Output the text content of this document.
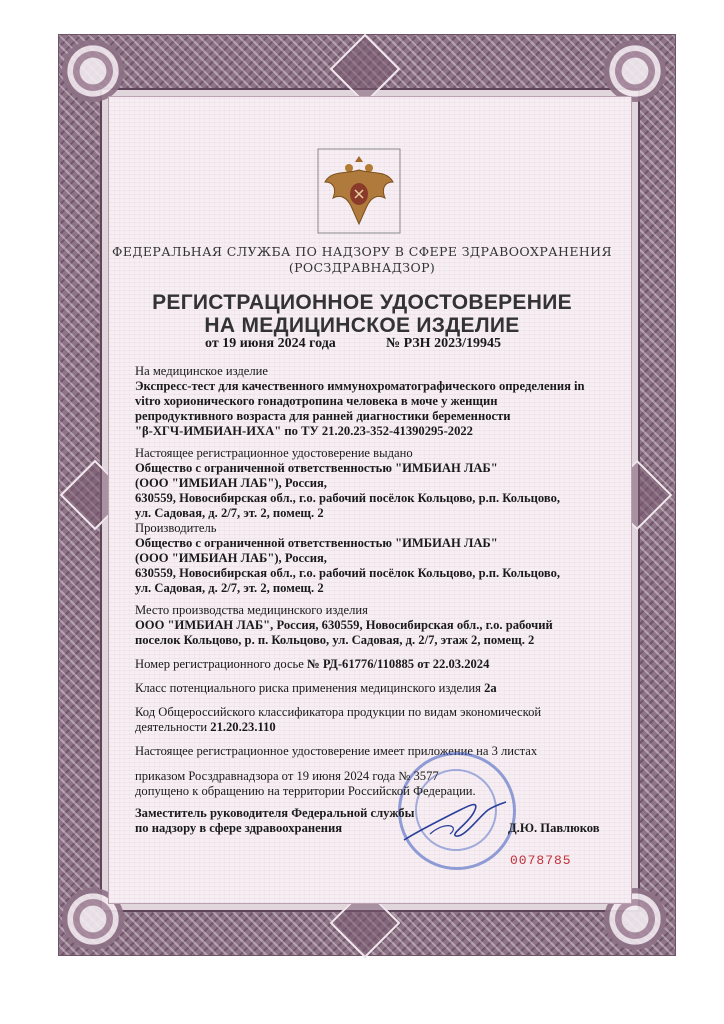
ФЕДЕРАЛЬНАЯ СЛУЖБА ПО НАДЗОРУ В СФЕРЕ ЗДРАВООХРАНЕНИЯ
(РОСЗДРАВНАДЗОР)
РЕГИСТРАЦИОННОЕ УДОСТОВЕРЕНИЕ
НА МЕДИЦИНСКОЕ ИЗДЕЛИЕ
от 19 июня 2024 года	№ РЗН 2023/19945
На медицинское изделие
Экспресс-тест для качественного иммунохроматографического определения in
vitro хорионического гонадотропина человека в моче у женщин
репродуктивного возраста для ранней диагностики беременности
"β-ХГЧ-ИМБИАН-ИХА" по ТУ 21.20.23-352-41390295-2022
Настоящее регистрационное удостоверение выдано
Общество с ограниченной ответственностью "ИМБИАН ЛАБ"
(ООО "ИМБИАН ЛАБ"), Россия,
630559, Новосибирская обл., г.о. рабочий посёлок Кольцово, р.п. Кольцово,
ул. Садовая, д. 2/7, эт. 2, помещ. 2
Производитель
Общество с ограниченной ответственностью "ИМБИАН ЛАБ"
(ООО "ИМБИАН ЛАБ"), Россия,
630559, Новосибирская обл., г.о. рабочий посёлок Кольцово, р.п. Кольцово,
ул. Садовая, д. 2/7, эт. 2, помещ. 2
Место производства медицинского изделия
ООО "ИМБИАН ЛАБ", Россия, 630559, Новосибирская обл., г.о. рабочий
поселок Кольцово, р. п. Кольцово, ул. Садовая, д. 2/7, этаж 2, помещ. 2
Номер регистрационного досье № РД-61776/110885 от 22.03.2024
Класс потенциального риска применения медицинского изделия 2а
Код Общероссийского классификатора продукции по видам экономической
деятельности 21.20.23.110
Настоящее регистрационное удостоверение имеет приложение на 3 листах
приказом Росздравнадзора от 19 июня 2024 года № 3577
допущено к обращению на территории Российской Федерации.
Заместитель руководителя Федеральной службы
по надзору в сфере здравоохранения	Д.Ю. Павлюков
0078785
